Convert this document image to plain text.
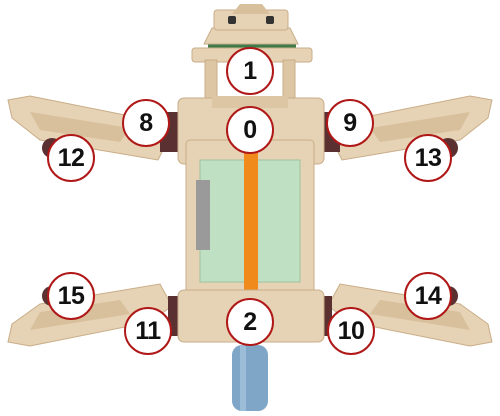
1
0
8	9
12	13
15	14
2
11	10
